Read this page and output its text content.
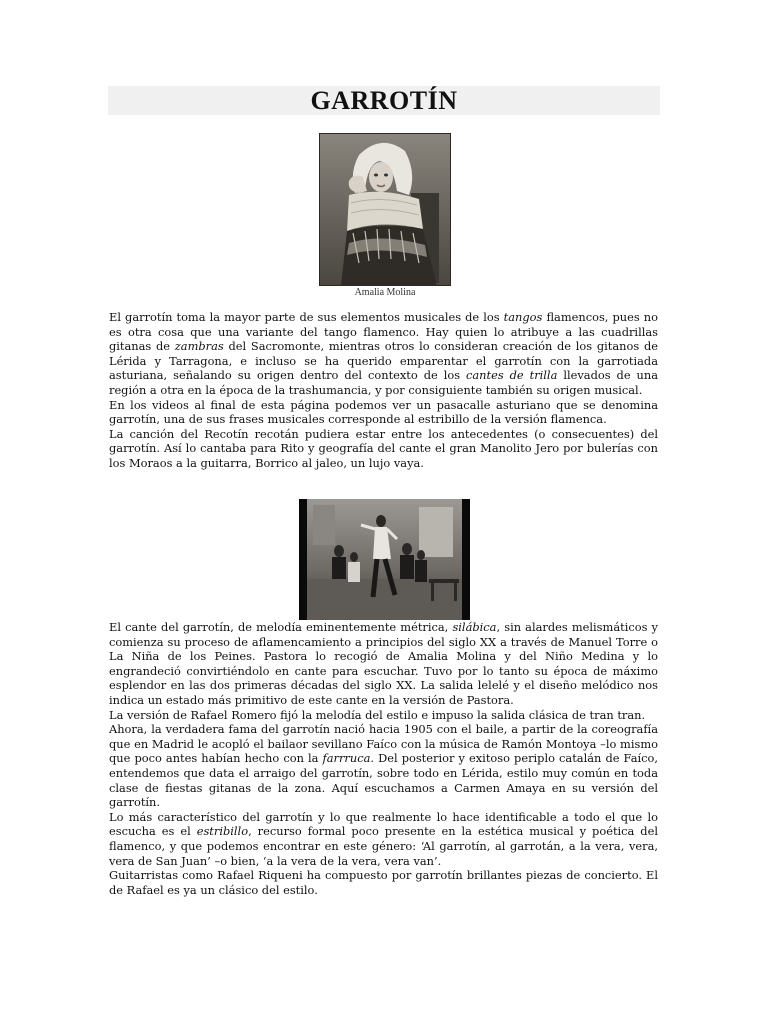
GARROTÍN
Amalia Molina

El garrotín toma la mayor parte de sus elementos musicales de los tangos flamencos, pues no es otra cosa que una variante del tango flamenco. Hay quien lo atribuye a las cuadrillas gitanas de zambras del Sacromonte, mientras otros lo consideran creación de los gitanos de Lérida y Tarragona, e incluso se ha querido emparentar el garrotín con la garrotiada asturiana, señalando su origen dentro del contexto de los cantes de trilla llevados de una región a otra en la época de la trashumancia, y por consiguiente también su origen musical.

En los videos al final de esta página podemos ver un pasacalle asturiano que se denomina garrotín, una de sus frases musicales corresponde al estribillo de la versión flamenca.

La canción del Recotín recotán pudiera estar entre los antecedentes (o consecuentes) del garrotín. Así lo cantaba para Rito y geografía del cante el gran Manolito Jero por bulerías con los Moraos a la guitarra, Borrico al jaleo, un lujo vaya.

El cante del garrotín, de melodía eminentemente métrica, silábica, sin alardes melismáticos y comienza su proceso de aflamencamiento a principios del siglo XX a través de Manuel Torre o La Niña de los Peines. Pastora lo recogió de Amalia Molina y del Niño Medina y lo engrandeció convirtiéndolo en cante para escuchar. Tuvo por lo tanto su época de máximo esplendor en las dos primeras décadas del siglo XX. La salida lelelé y el diseño melódico nos indica un estado más primitivo de este cante en la versión de Pastora.

La versión de Rafael Romero fijó la melodía del estilo e impuso la salida clásica de tran tran.

Ahora, la verdadera fama del garrotín nació hacia 1905 con el baile, a partir de la coreografía que en Madrid le acopló el bailaor sevillano Faíco con la música de Ramón Montoya –lo mismo que poco antes habían hecho con la farrruca. Del posterior y exitoso periplo catalán de Faíco, entendemos que data el arraigo del garrotín, sobre todo en Lérida, estilo muy común en toda clase de fiestas gitanas de la zona. Aquí escuchamos a Carmen Amaya en su versión del garrotín.

Lo más característico del garrotín y lo que realmente lo hace identificable a todo el que lo escucha es el estribillo, recurso formal poco presente en la estética musical y poética del flamenco, y que podemos encontrar en este género: ‘Al garrotín, al garrotán, a la vera, vera, vera de San Juan’ –o bien, ‘a la vera de la vera, vera van’.

Guitarristas como Rafael Riqueni ha compuesto por garrotín brillantes piezas de concierto. El de Rafael es ya un clásico del estilo.
